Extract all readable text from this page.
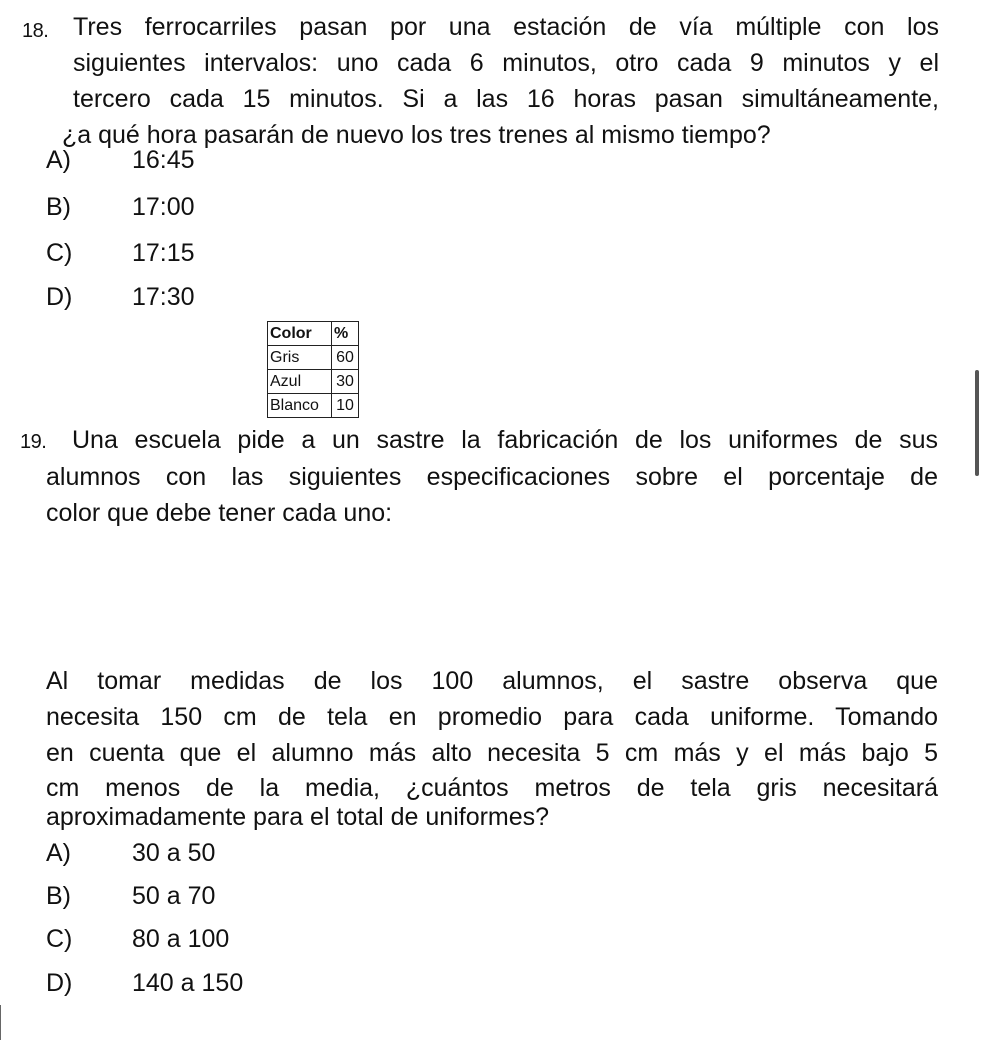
18. Tres ferrocarriles pasan por una estación de vía múltiple con los
siguientes intervalos: uno cada 6 minutos, otro cada 9 minutos y el
tercero cada 15 minutos. Si a las 16 horas pasan simultáneamente,
¿a qué hora pasarán de nuevo los tres trenes al mismo tiempo?
A) 16:45
B) 17:00
C) 17:15
D) 17:30
Color	%
Gris	60
Azul	30
Blanco	10
19. Una escuela pide a un sastre la fabricación de los uniformes de sus
alumnos con las siguientes especificaciones sobre el porcentaje de
color que debe tener cada uno:
Al tomar medidas de los 100 alumnos, el sastre observa que
necesita 150 cm de tela en promedio para cada uniforme. Tomando
en cuenta que el alumno más alto necesita 5 cm más y el más bajo 5
cm menos de la media, ¿cuántos metros de tela gris necesitará
aproximadamente para el total de uniformes?
A) 30 a 50
B) 50 a 70
C) 80 a 100
D) 140 a 150
